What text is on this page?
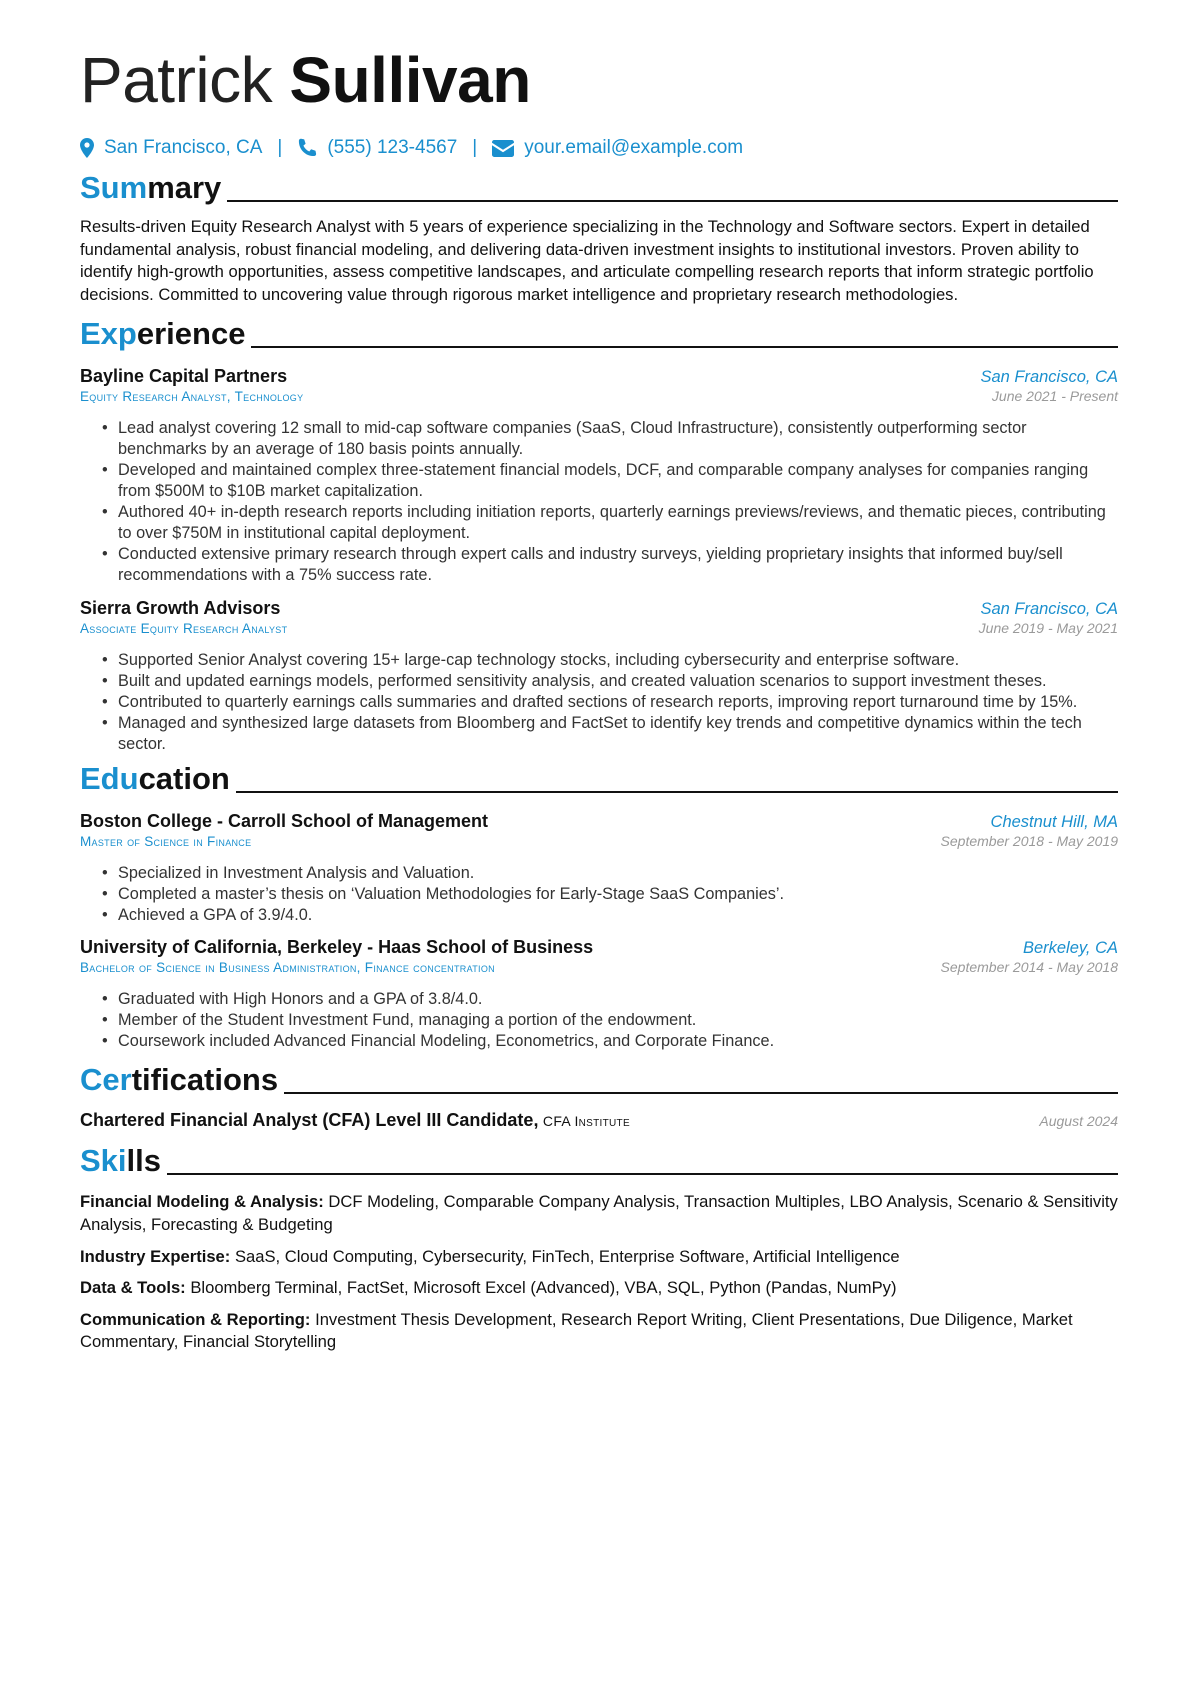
Patrick Sullivan
San Francisco, CA | (555) 123-4567 | your.email@example.com
Summary
Results-driven Equity Research Analyst with 5 years of experience specializing in the Technology and Software sectors. Expert in detailed fundamental analysis, robust financial modeling, and delivering data-driven investment insights to institutional investors. Proven ability to identify high-growth opportunities, assess competitive landscapes, and articulate compelling research reports that inform strategic portfolio decisions. Committed to uncovering value through rigorous market intelligence and proprietary research methodologies.
Experience
Bayline Capital Partners	San Francisco, CA
Equity Research Analyst, Technology	June 2021 - Present
• Lead analyst covering 12 small to mid-cap software companies (SaaS, Cloud Infrastructure), consistently outperforming sector benchmarks by an average of 180 basis points annually.
• Developed and maintained complex three-statement financial models, DCF, and comparable company analyses for companies ranging from $500M to $10B market capitalization.
• Authored 40+ in-depth research reports including initiation reports, quarterly earnings previews/reviews, and thematic pieces, contributing to over $750M in institutional capital deployment.
• Conducted extensive primary research through expert calls and industry surveys, yielding proprietary insights that informed buy/sell recommendations with a 75% success rate.
Sierra Growth Advisors	San Francisco, CA
Associate Equity Research Analyst	June 2019 - May 2021
• Supported Senior Analyst covering 15+ large-cap technology stocks, including cybersecurity and enterprise software.
• Built and updated earnings models, performed sensitivity analysis, and created valuation scenarios to support investment theses.
• Contributed to quarterly earnings calls summaries and drafted sections of research reports, improving report turnaround time by 15%.
• Managed and synthesized large datasets from Bloomberg and FactSet to identify key trends and competitive dynamics within the tech sector.
Education
Boston College - Carroll School of Management	Chestnut Hill, MA
Master of Science in Finance	September 2018 - May 2019
• Specialized in Investment Analysis and Valuation.
• Completed a master’s thesis on ‘Valuation Methodologies for Early-Stage SaaS Companies’.
• Achieved a GPA of 3.9/4.0.
University of California, Berkeley - Haas School of Business	Berkeley, CA
Bachelor of Science in Business Administration, Finance concentration	September 2014 - May 2018
• Graduated with High Honors and a GPA of 3.8/4.0.
• Member of the Student Investment Fund, managing a portion of the endowment.
• Coursework included Advanced Financial Modeling, Econometrics, and Corporate Finance.
Certifications
Chartered Financial Analyst (CFA) Level III Candidate, CFA Institute	August 2024
Skills
Financial Modeling & Analysis: DCF Modeling, Comparable Company Analysis, Transaction Multiples, LBO Analysis, Scenario & Sensitivity Analysis, Forecasting & Budgeting
Industry Expertise: SaaS, Cloud Computing, Cybersecurity, FinTech, Enterprise Software, Artificial Intelligence
Data & Tools: Bloomberg Terminal, FactSet, Microsoft Excel (Advanced), VBA, SQL, Python (Pandas, NumPy)
Communication & Reporting: Investment Thesis Development, Research Report Writing, Client Presentations, Due Diligence, Market Commentary, Financial Storytelling
